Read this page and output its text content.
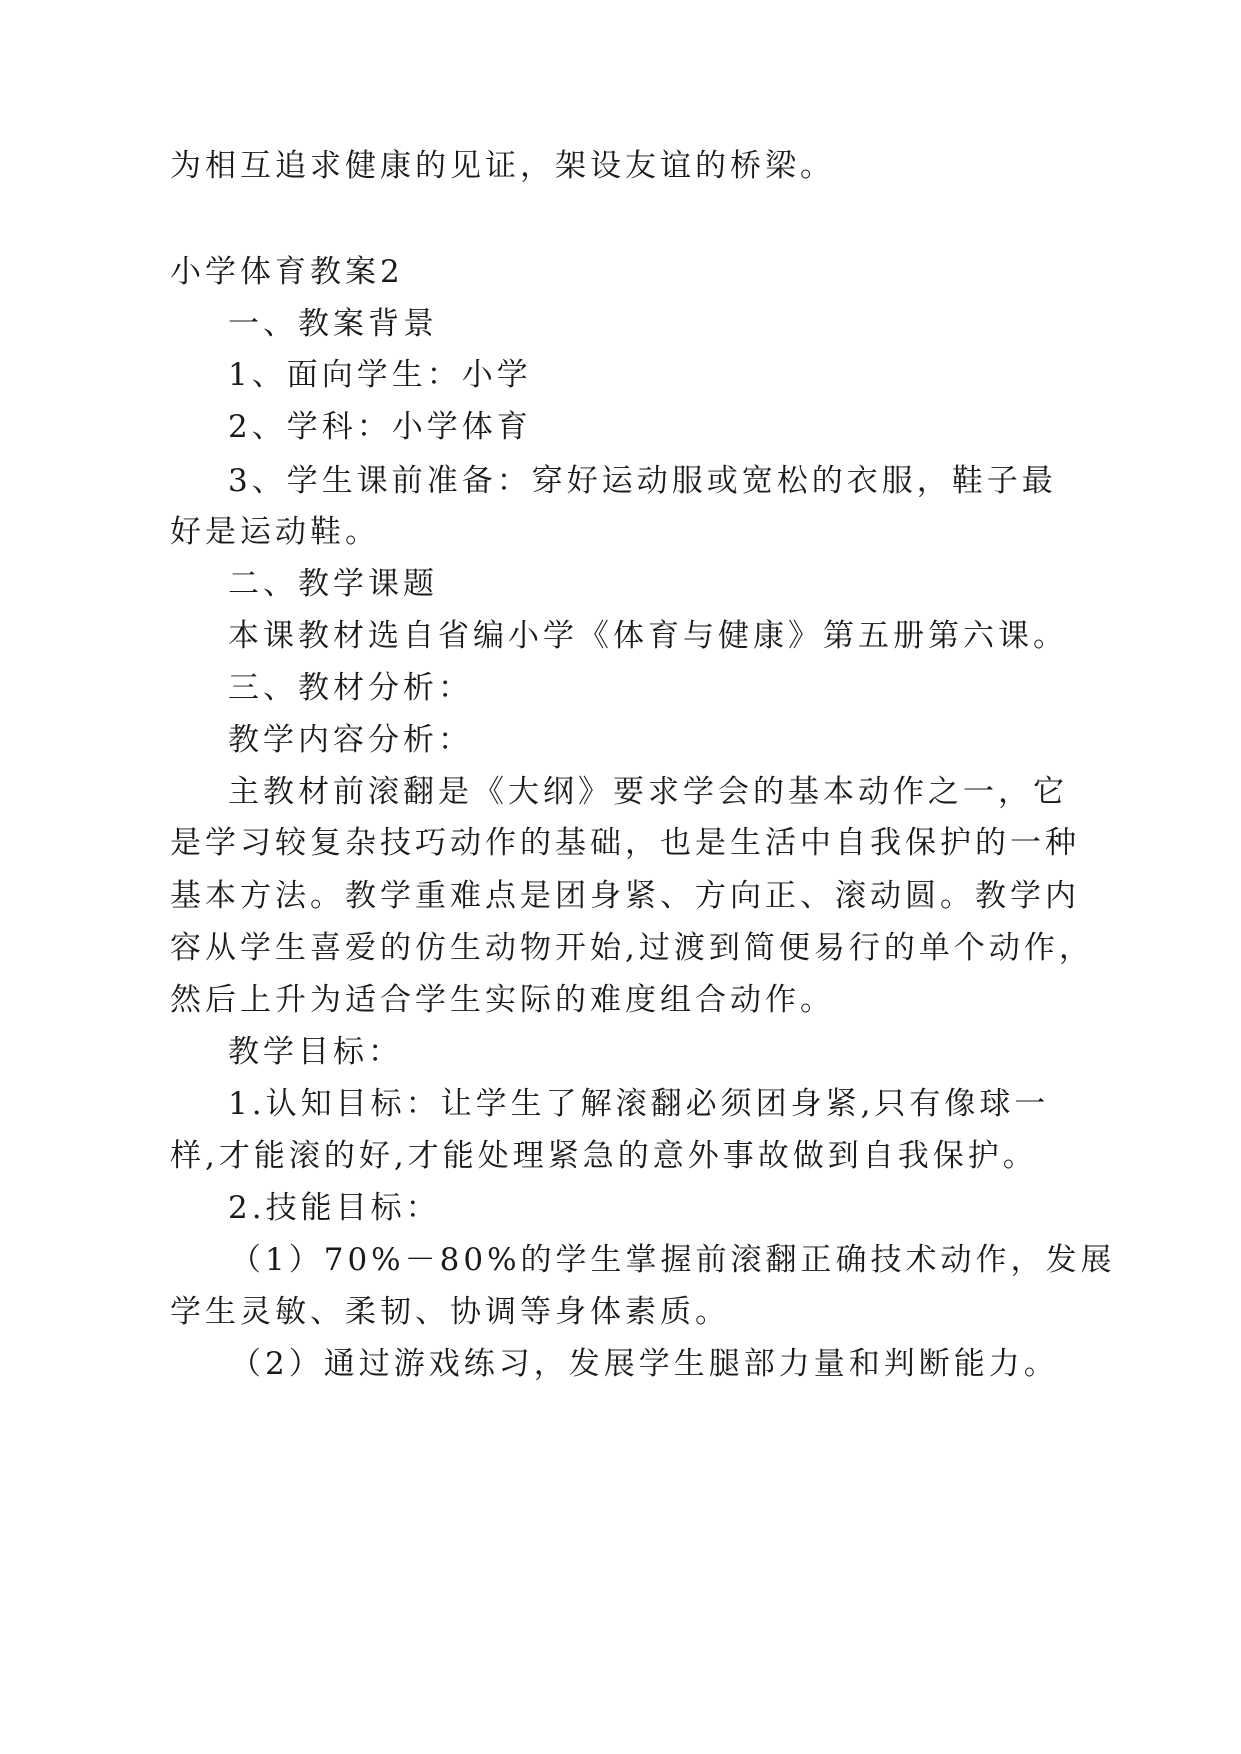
为相互追求健康的见证，架设友谊的桥梁。
小学体育教案2
一、教案背景
1、面向学生：小学
2、学科：小学体育
3、学生课前准备：穿好运动服或宽松的衣服，鞋子最
好是运动鞋。
二、教学课题
本课教材选自省编小学《体育与健康》第五册第六课。
三、教材分析：
教学内容分析：
主教材前滚翻是《大纲》要求学会的基本动作之一，它
是学习较复杂技巧动作的基础，也是生活中自我保护的一种
基本方法。教学重难点是团身紧、方向正、滚动圆。教学内
容从学生喜爱的仿生动物开始,过渡到简便易行的单个动作，
然后上升为适合学生实际的难度组合动作。
教学目标：
1.认知目标：让学生了解滚翻必须团身紧,只有像球一
样,才能滚的好,才能处理紧急的意外事故做到自我保护。
2.技能目标：
（1）70%－80%的学生掌握前滚翻正确技术动作，发展
学生灵敏、柔韧、协调等身体素质。
（2）通过游戏练习，发展学生腿部力量和判断能力。
